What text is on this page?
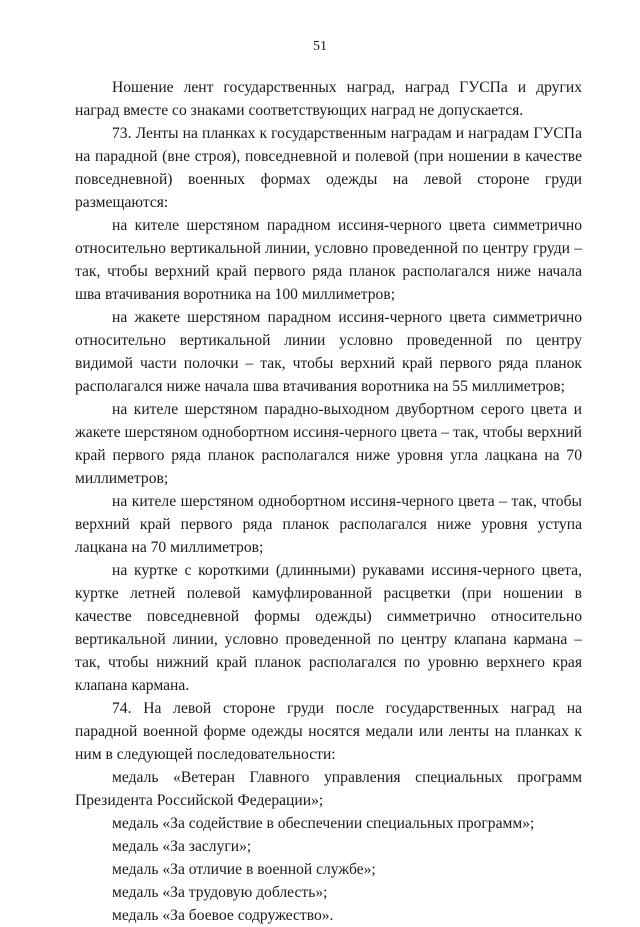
51

Ношение лент государственных наград, наград ГУСПа и других наград вместе со знаками соответствующих наград не допускается.

73. Ленты на планках к государственным наградам и наградам ГУСПа на парадной (вне строя), повседневной и полевой (при ношении в качестве повседневной) военных формах одежды на левой стороне груди размещаются:

на кителе шерстяном парадном иссиня-черного цвета симметрично относительно вертикальной линии, условно проведенной по центру груди – так, чтобы верхний край первого ряда планок располагался ниже начала шва втачивания воротника на 100 миллиметров;

на жакете шерстяном парадном иссиня-черного цвета симметрично относительно вертикальной линии условно проведенной по центру видимой части полочки – так, чтобы верхний край первого ряда планок располагался ниже начала шва втачивания воротника на 55 миллиметров;

на кителе шерстяном парадно-выходном двубортном серого цвета и жакете шерстяном однобортном иссиня-черного цвета – так, чтобы верхний край первого ряда планок располагался ниже уровня угла лацкана на 70 миллиметров;

на кителе шерстяном однобортном иссиня-черного цвета – так, чтобы верхний край первого ряда планок располагался ниже уровня уступа лацкана на 70 миллиметров;

на куртке с короткими (длинными) рукавами иссиня-черного цвета, куртке летней полевой камуфлированной расцветки (при ношении в качестве повседневной формы одежды) симметрично относительно вертикальной линии, условно проведенной по центру клапана кармана – так, чтобы нижний край планок располагался по уровню верхнего края клапана кармана.

74. На левой стороне груди после государственных наград на парадной военной форме одежды носятся медали или ленты на планках к ним в следующей последовательности:

медаль «Ветеран Главного управления специальных программ Президента Российской Федерации»;

медаль «За содействие в обеспечении специальных программ»;

медаль «За заслуги»;

медаль «За отличие в военной службе»;

медаль «За трудовую доблесть»;

медаль «За боевое содружество».
